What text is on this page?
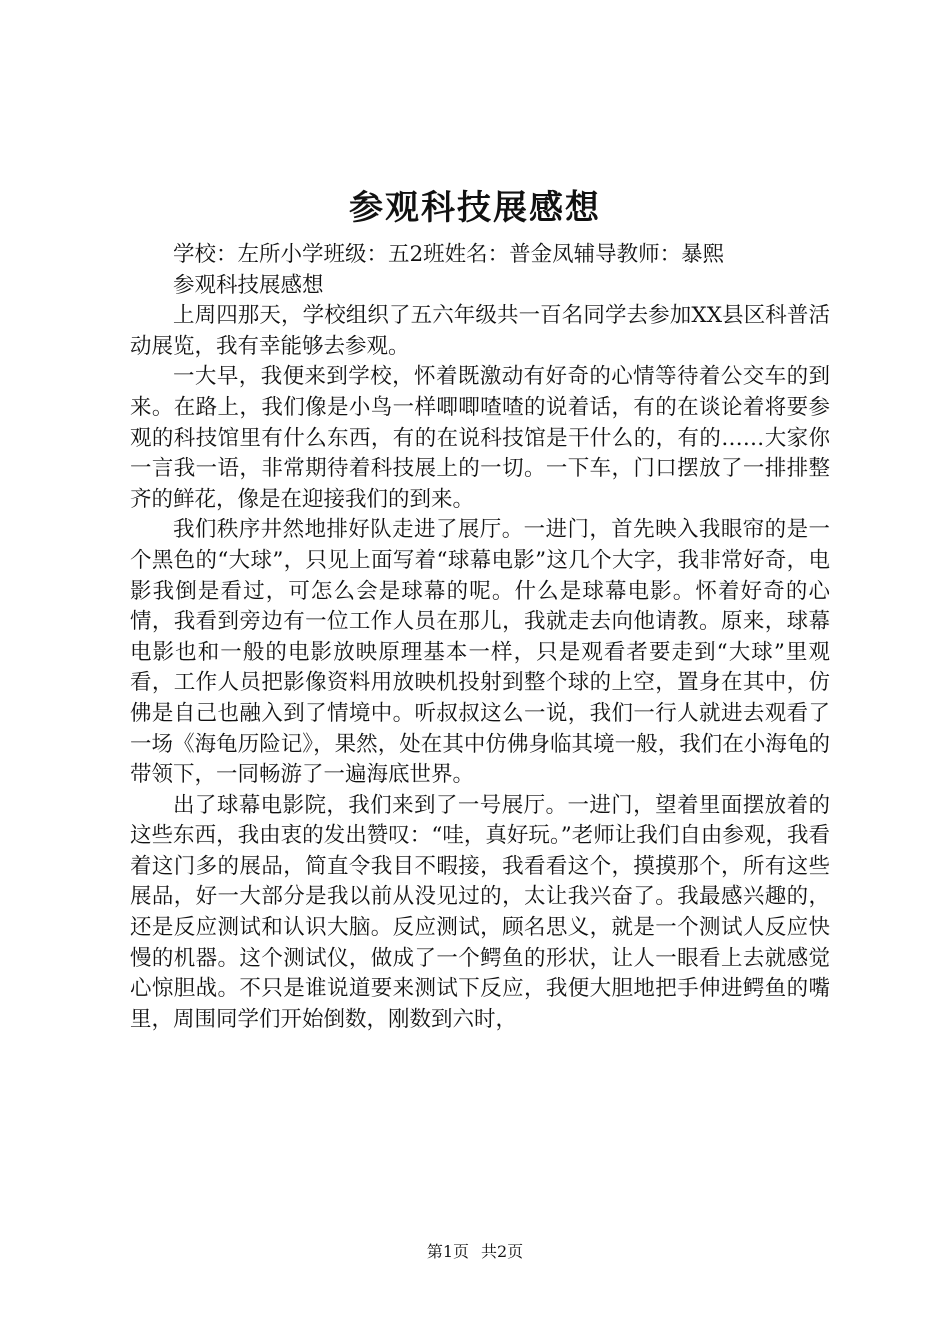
参观科技展感想

学校：左所小学班级：五2班姓名：普金凤辅导教师：暴熙

参观科技展感想

上周四那天，学校组织了五六年级共一百名同学去参加XX县区科普活动展览，我有幸能够去参观。

一大早，我便来到学校，怀着既激动有好奇的心情等待着公交车的到来。在路上，我们像是小鸟一样唧唧喳喳的说着话，有的在谈论着将要参观的科技馆里有什么东西，有的在说科技馆是干什么的，有的……大家你一言我一语，非常期待着科技展上的一切。一下车，门口摆放了一排排整齐的鲜花，像是在迎接我们的到来。

我们秩序井然地排好队走进了展厅。一进门，首先映入我眼帘的是一个黑色的“大球”，只见上面写着“球幕电影”这几个大字，我非常好奇，电影我倒是看过，可怎么会是球幕的呢。什么是球幕电影。怀着好奇的心情，我看到旁边有一位工作人员在那儿，我就走去向他请教。原来，球幕电影也和一般的电影放映原理基本一样，只是观看者要走到“大球”里观看，工作人员把影像资料用放映机投射到整个球的上空，置身在其中，仿佛是自己也融入到了情境中。听叔叔这么一说，我们一行人就进去观看了一场《海龟历险记》，果然，处在其中仿佛身临其境一般，我们在小海龟的带领下，一同畅游了一遍海底世界。

出了球幕电影院，我们来到了一号展厅。一进门，望着里面摆放着的这些东西，我由衷的发出赞叹：“哇，真好玩。”老师让我们自由参观，我看着这门多的展品，简直令我目不暇接，我看看这个，摸摸那个，所有这些展品，好一大部分是我以前从没见过的，太让我兴奋了。我最感兴趣的，还是反应测试和认识大脑。反应测试，顾名思义，就是一个测试人反应快慢的机器。这个测试仪，做成了一个鳄鱼的形状，让人一眼看上去就感觉心惊胆战。不只是谁说道要来测试下反应，我便大胆地把手伸进鳄鱼的嘴里，周围同学们开始倒数，刚数到六时，

第1页 共2页
